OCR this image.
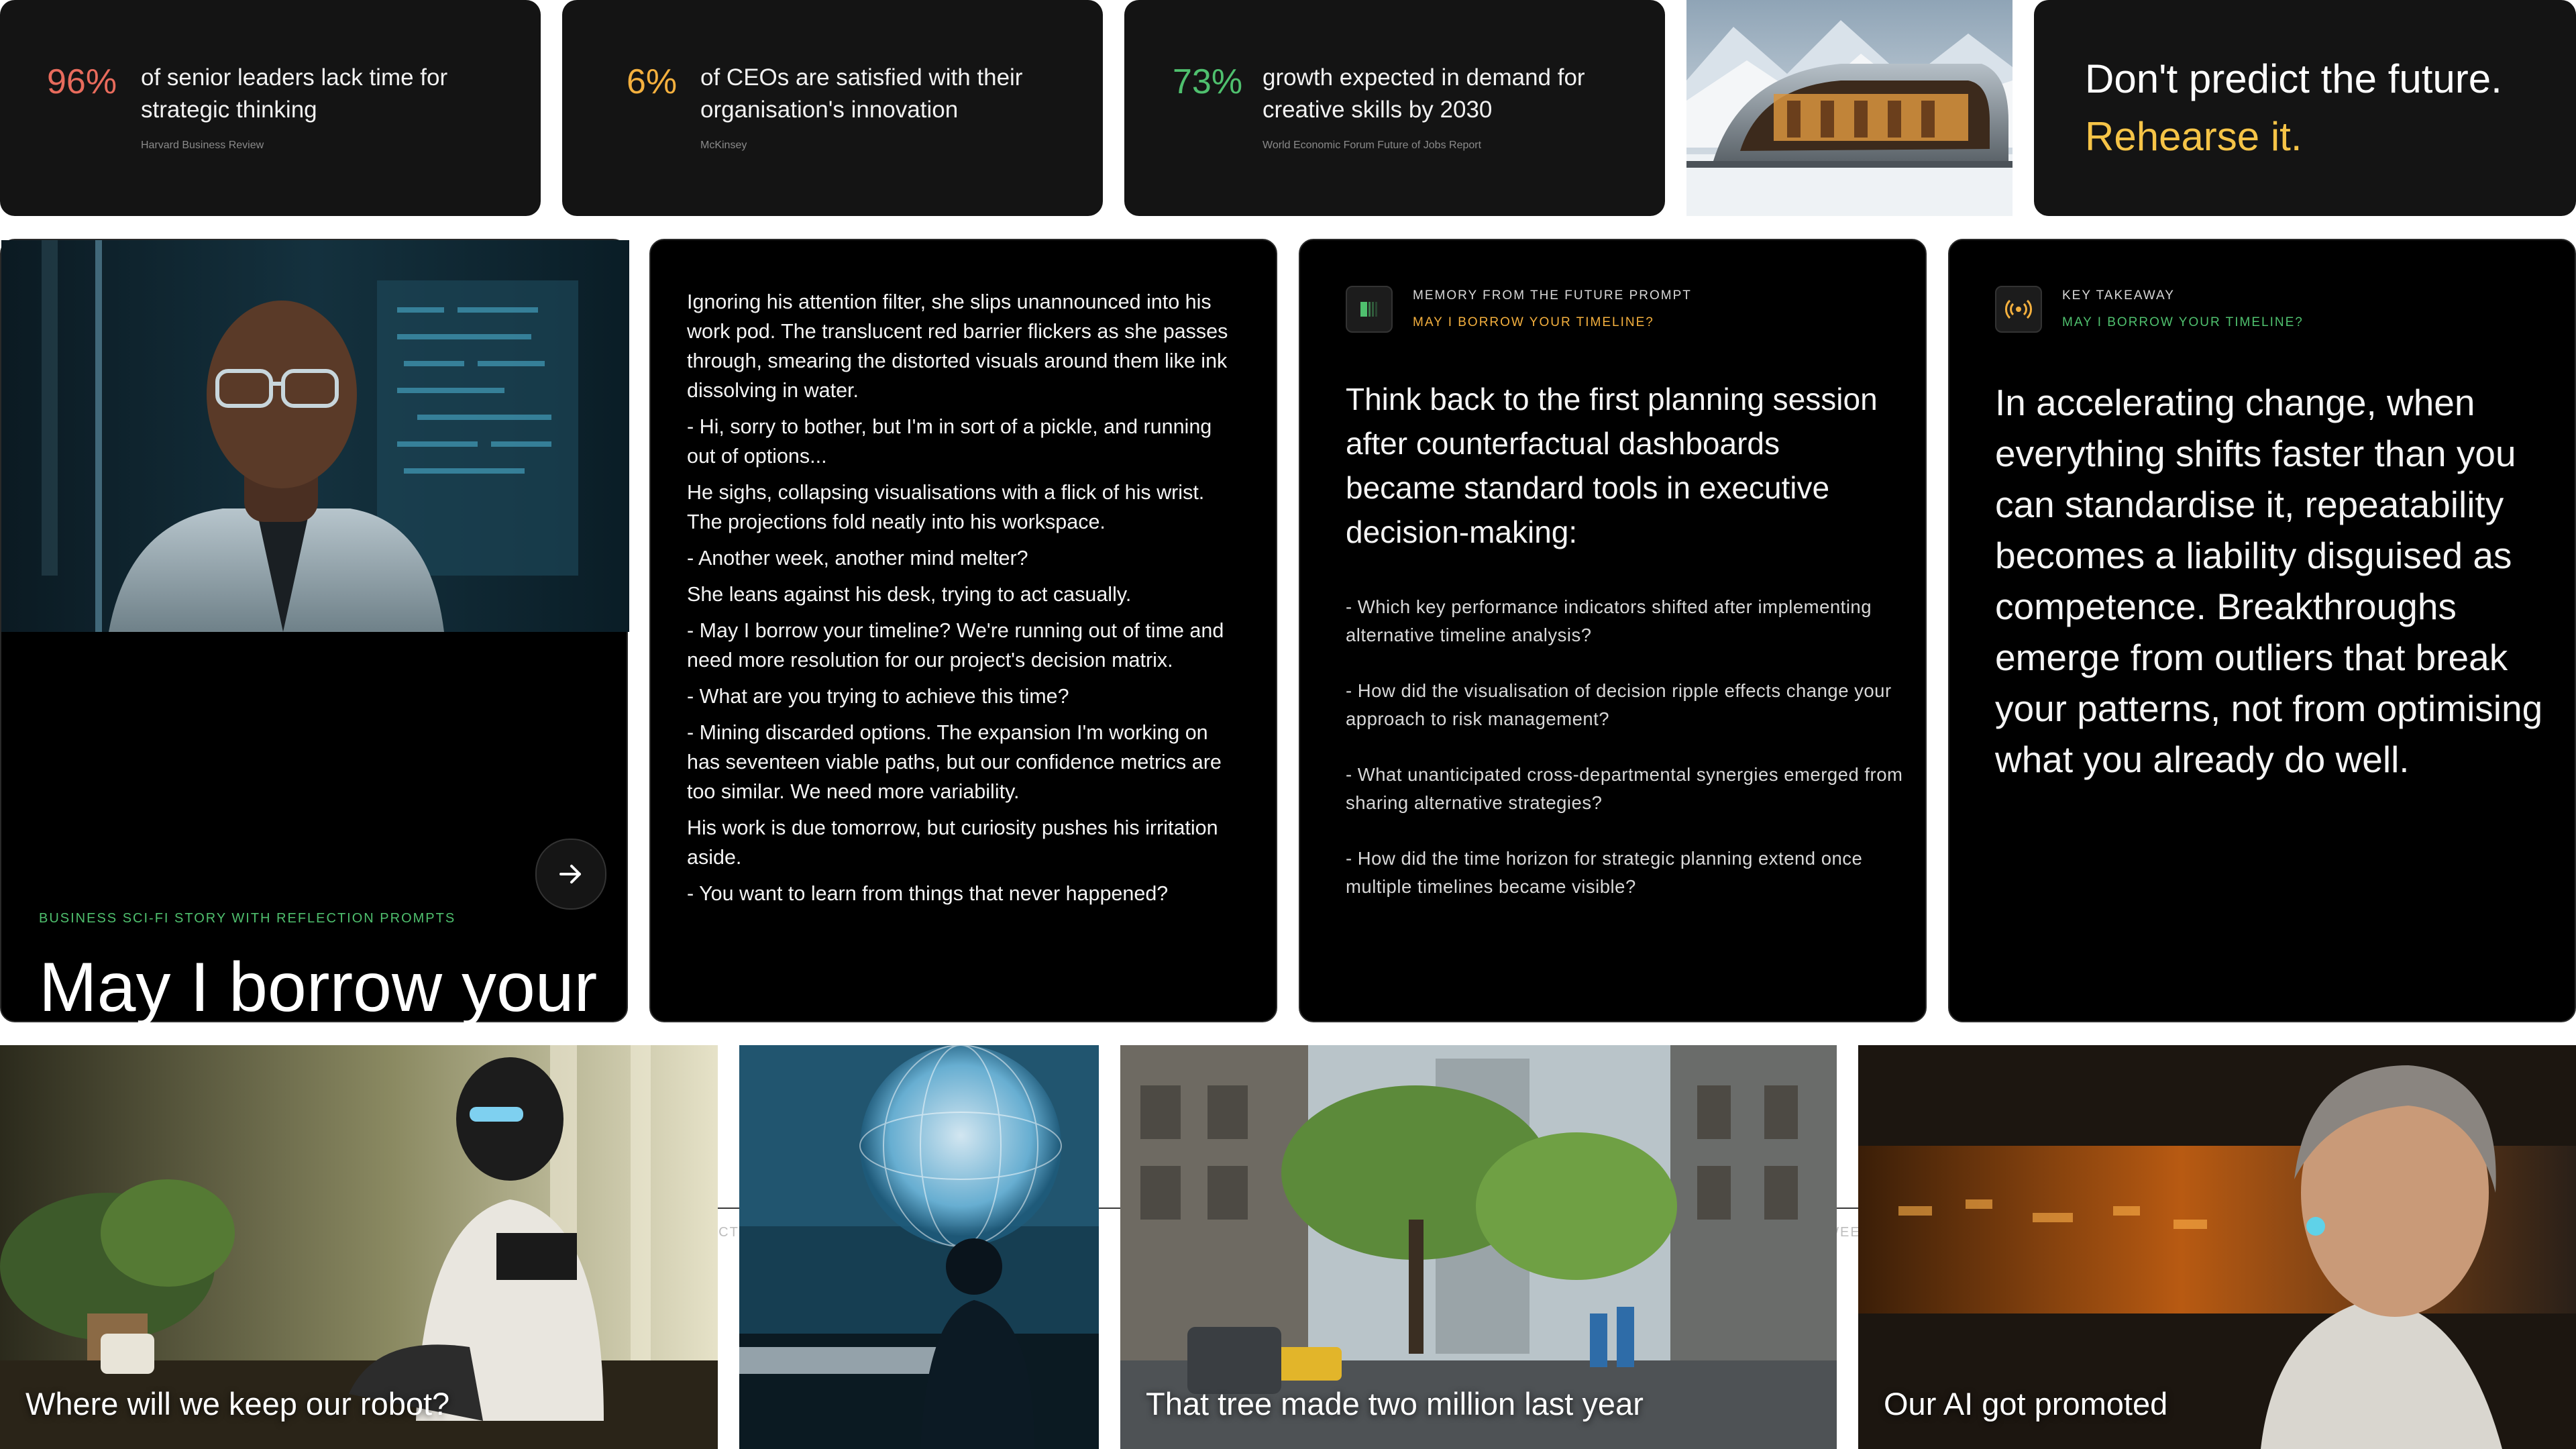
96% of senior leaders lack time for strategic thinking
Harvard Business Review
6% of CEOs are satisfied with their organisation's innovation
McKinsey
73% growth expected in demand for creative skills by 2030
World Economic Forum Future of Jobs Report
Don't predict the future.
Rehearse it.
BUSINESS SCI-FI STORY WITH REFLECTION PROMPTS
May I borrow your

Ignoring his attention filter, she slips unannounced into his work pod. The translucent red barrier flickers as she passes through, smearing the distorted visuals around them like ink dissolving in water.

- Hi, sorry to bother, but I'm in sort of a pickle, and running out of options...

He sighs, collapsing visualisations with a flick of his wrist. The projections fold neatly into his workspace.

- Another week, another mind melter?

She leans against his desk, trying to act casually.

- May I borrow your timeline? We're running out of time and need more resolution for our project's decision matrix.

- What are you trying to achieve this time?

- Mining discarded options. The expansion I'm working on has seventeen viable paths, but our confidence metrics are too similar. We need more variability.

His work is due tomorrow, but curiosity pushes his irritation aside.

- You want to learn from things that never happened?

PRACTICAL
MEMORY FROM THE FUTURE PROMPT
MAY I BORROW YOUR TIMELINE?
Think back to the first planning session after counterfactual dashboards became standard tools in executive decision-making:

- Which key performance indicators shifted after implementing alternative timeline analysis?

- How did the visualisation of decision ripple effects change your approach to risk management?

- What unanticipated cross-departmental synergies emerged from sharing alternative strategies?

- How did the time horizon for strategic planning extend once multiple timelines became visible?

KEY TAKEAWAY
MAY I BORROW YOUR TIMELINE?
In accelerating change, when everything shifts faster than you can standardise it, repeatability becomes a liability disguised as competence. Breakthroughs emerge from outliers that break your patterns, not from optimising what you already do well.
Where will we keep our robot?	That tree made two million last year	Our AI got promoted
